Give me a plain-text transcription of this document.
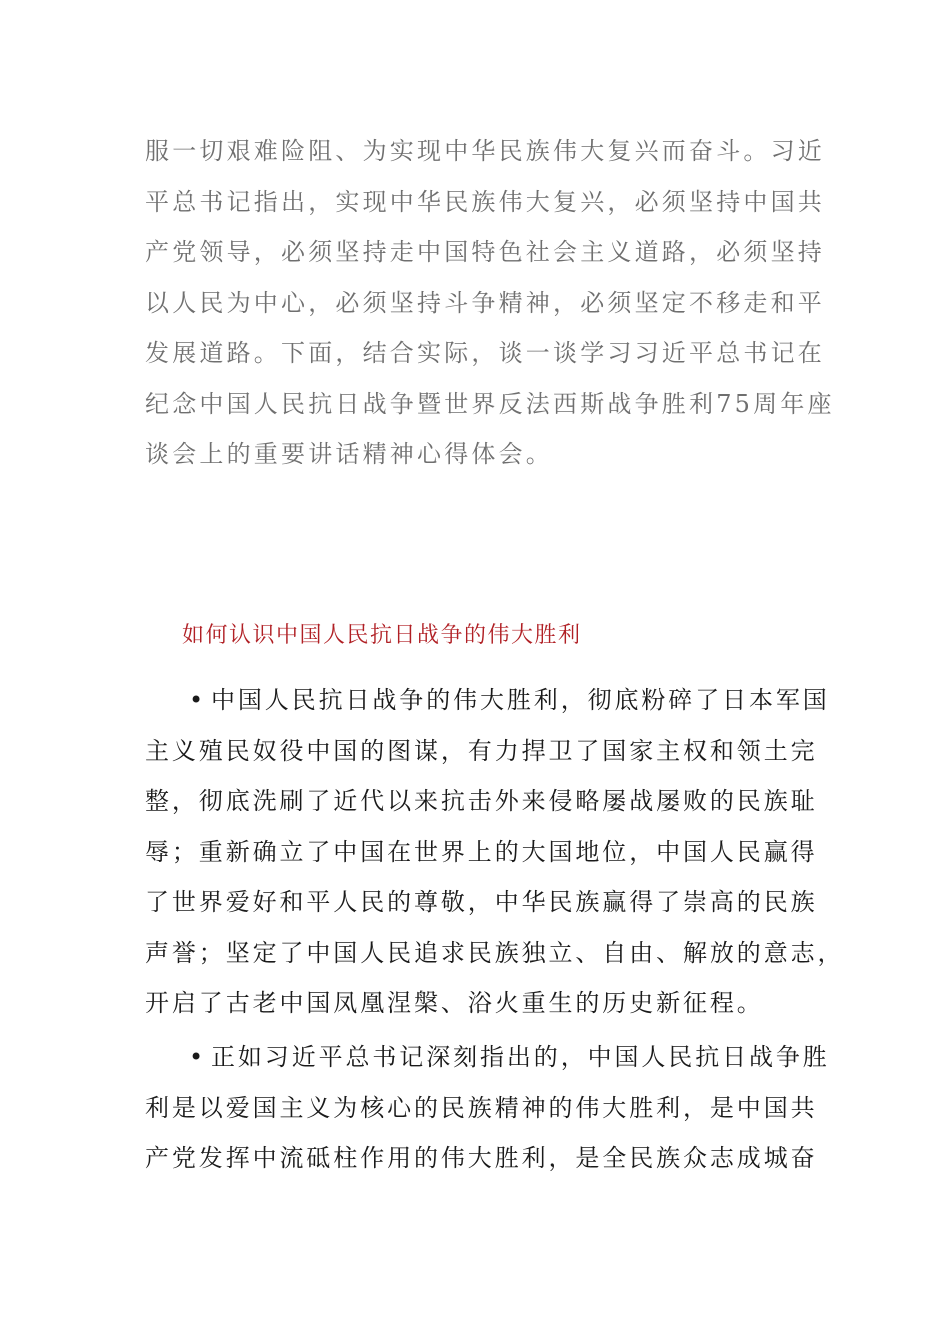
服一切艰难险阻、为实现中华民族伟大复兴而奋斗。习近
平总书记指出，实现中华民族伟大复兴，必须坚持中国共
产党领导，必须坚持走中国特色社会主义道路，必须坚持
以人民为中心，必须坚持斗争精神，必须坚定不移走和平
发展道路。下面，结合实际，谈一谈学习习近平总书记在
纪念中国人民抗日战争暨世界反法西斯战争胜利75周年座
谈会上的重要讲话精神心得体会。
如何认识中国人民抗日战争的伟大胜利
• 中国人民抗日战争的伟大胜利，彻底粉碎了日本军国
主义殖民奴役中国的图谋，有力捍卫了国家主权和领土完
整，彻底洗刷了近代以来抗击外来侵略屡战屡败的民族耻
辱；重新确立了中国在世界上的大国地位，中国人民赢得
了世界爱好和平人民的尊敬，中华民族赢得了崇高的民族
声誉；坚定了中国人民追求民族独立、自由、解放的意志，
开启了古老中国凤凰涅槃、浴火重生的历史新征程。
• 正如习近平总书记深刻指出的，中国人民抗日战争胜
利是以爱国主义为核心的民族精神的伟大胜利，是中国共
产党发挥中流砥柱作用的伟大胜利，是全民族众志成城奋
